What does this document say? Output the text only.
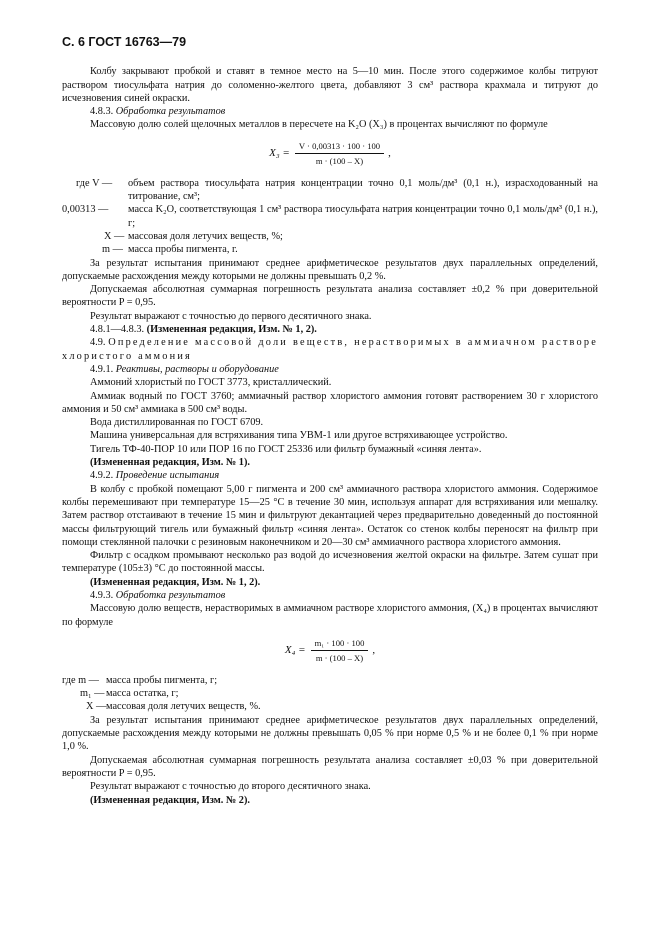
С. 6 ГОСТ 16763—79

Колбу закрывают пробкой и ставят в темное место на 5—10 мин. После этого содержимое колбы титруют раствором тиосульфата натрия до соломенно-желтого цвета, добавляют 3 см³ раствора крахмала и титруют до исчезновения синей окраски.

4.8.3. Обработка результатов

Массовую долю солей щелочных металлов в пересчете на K₂O (X₃) в процентах вычисляют по формуле

$X_3 = \frac{V \cdot 0,00313 \cdot 100 \cdot 100}{m \cdot (100 - X)}$ ,
где V —	объем раствора тиосульфата натрия концентрации точно 0,1 моль/дм³ (0,1 н.), израсходованный на титрование, см³;
0,00313 —	масса K₂O, соответствующая 1 см³ раствора тиосульфата натрия концентрации точно 0,1 моль/дм³ (0,1 н.), г;
X — массовая доля летучих веществ, %;
m — масса пробы пигмента, г.

За результат испытания принимают среднее арифметическое результатов двух параллельных определений, допускаемые расхождения между которыми не должны превышать 0,2 %.

Допускаемая абсолютная суммарная погрешность результата анализа составляет ±0,2 % при доверительной вероятности P = 0,95.

Результат выражают с точностью до первого десятичного знака.

4.8.1—4.8.3. (Измененная редакция, Изм. № 1, 2).

4.9. Определение массовой доли веществ, нерастворимых в аммиачном растворе хлористого аммония

4.9.1. Реактивы, растворы и оборудование

Аммоний хлористый по ГОСТ 3773, кристаллический.

Аммиак водный по ГОСТ 3760; аммиачный раствор хлористого аммония готовят растворением 30 г хлористого аммония и 50 см³ аммиака в 500 см³ воды.

Вода дистиллированная по ГОСТ 6709.

Машина универсальная для встряхивания типа УВМ-1 или другое встряхивающее устройство.

Тигель ТФ-40-ПОР 10 или ПОР 16 по ГОСТ 25336 или фильтр бумажный «синяя лента».

(Измененная редакция, Изм. № 1).

4.9.2. Проведение испытания

В колбу с пробкой помещают 5,00 г пигмента и 200 см³ аммиачного раствора хлористого аммония. Содержимое колбы перемешивают при температуре 15—25 °С в течение 30 мин, используя аппарат для встряхивания или мешалку. Затем раствор отстаивают в течение 15 мин и фильтруют декантацией через предварительно доведенный до постоянной массы фильтрующий тигель или бумажный фильтр «синяя лента». Остаток со стенок колбы переносят на фильтр при помощи стеклянной палочки с резиновым наконечником и 20—30 см³ аммиачного раствора хлористого аммония.

Фильтр с осадком промывают несколько раз водой до исчезновения желтой окраски на фильтре. Затем сушат при температуре (105±3) °С до постоянной массы.

(Измененная редакция, Изм. № 1, 2).

4.9.3. Обработка результатов

Массовую долю веществ, нерастворимых в аммиачном растворе хлористого аммония, (X₄) в процентах вычисляют по формуле

$X_4 = \frac{\text{m₁ · 100 · 100}}{m \cdot (100 - X)}$ ,
где m — масса пробы пигмента, г;
m₁ — масса остатка, г;
X — массовая доля летучих веществ, %.

За результат испытания принимают среднее арифметическое результатов двух параллельных определений, допускаемые расхождения между которыми не должны превышать 0,05 % при норме 0,5 % и не более 0,1 % при норме 1,0 %.

Допускаемая абсолютная суммарная погрешность результата анализа составляет ±0,03 % при доверительной вероятности P = 0,95.

Результат выражают с точностью до второго десятичного знака.

(Измененная редакция, Изм. № 2).
